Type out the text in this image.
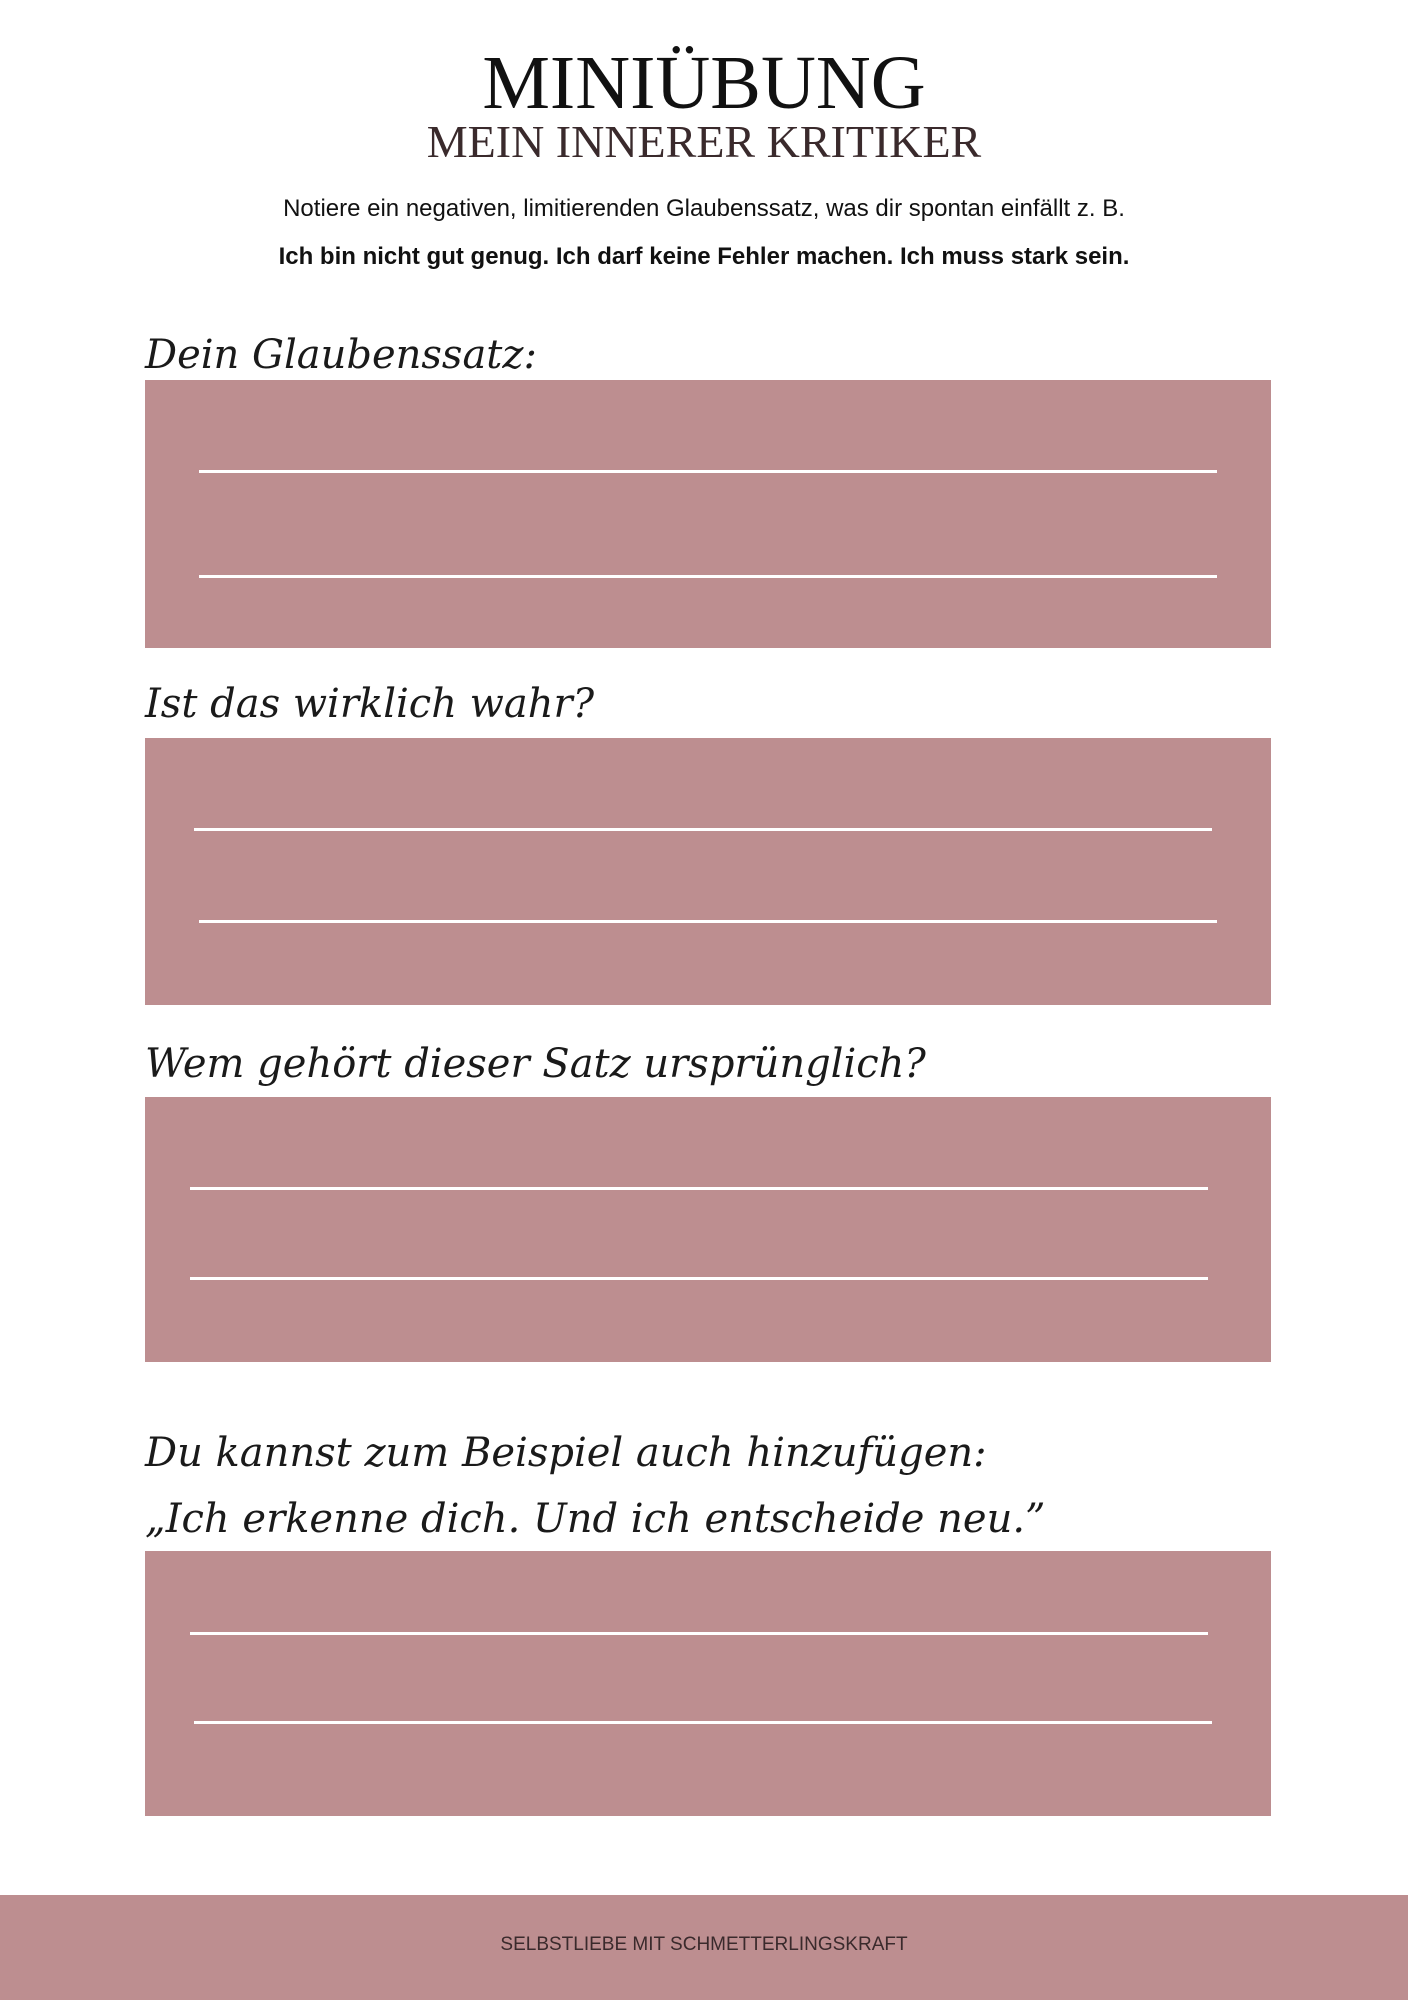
MINIÜBUNG
MEIN INNERER KRITIKER
Notiere ein negativen, limitierenden Glaubenssatz, was dir spontan einfällt z. B.
Ich bin nicht gut genug. Ich darf keine Fehler machen. Ich muss stark sein.
Dein Glaubenssatz:
Ist das wirklich wahr?
Wem gehört dieser Satz ursprünglich?
Du kannst zum Beispiel auch hinzufügen:
„Ich erkenne dich. Und ich entscheide neu.”
SELBSTLIEBE MIT SCHMETTERLINGSKRAFT
